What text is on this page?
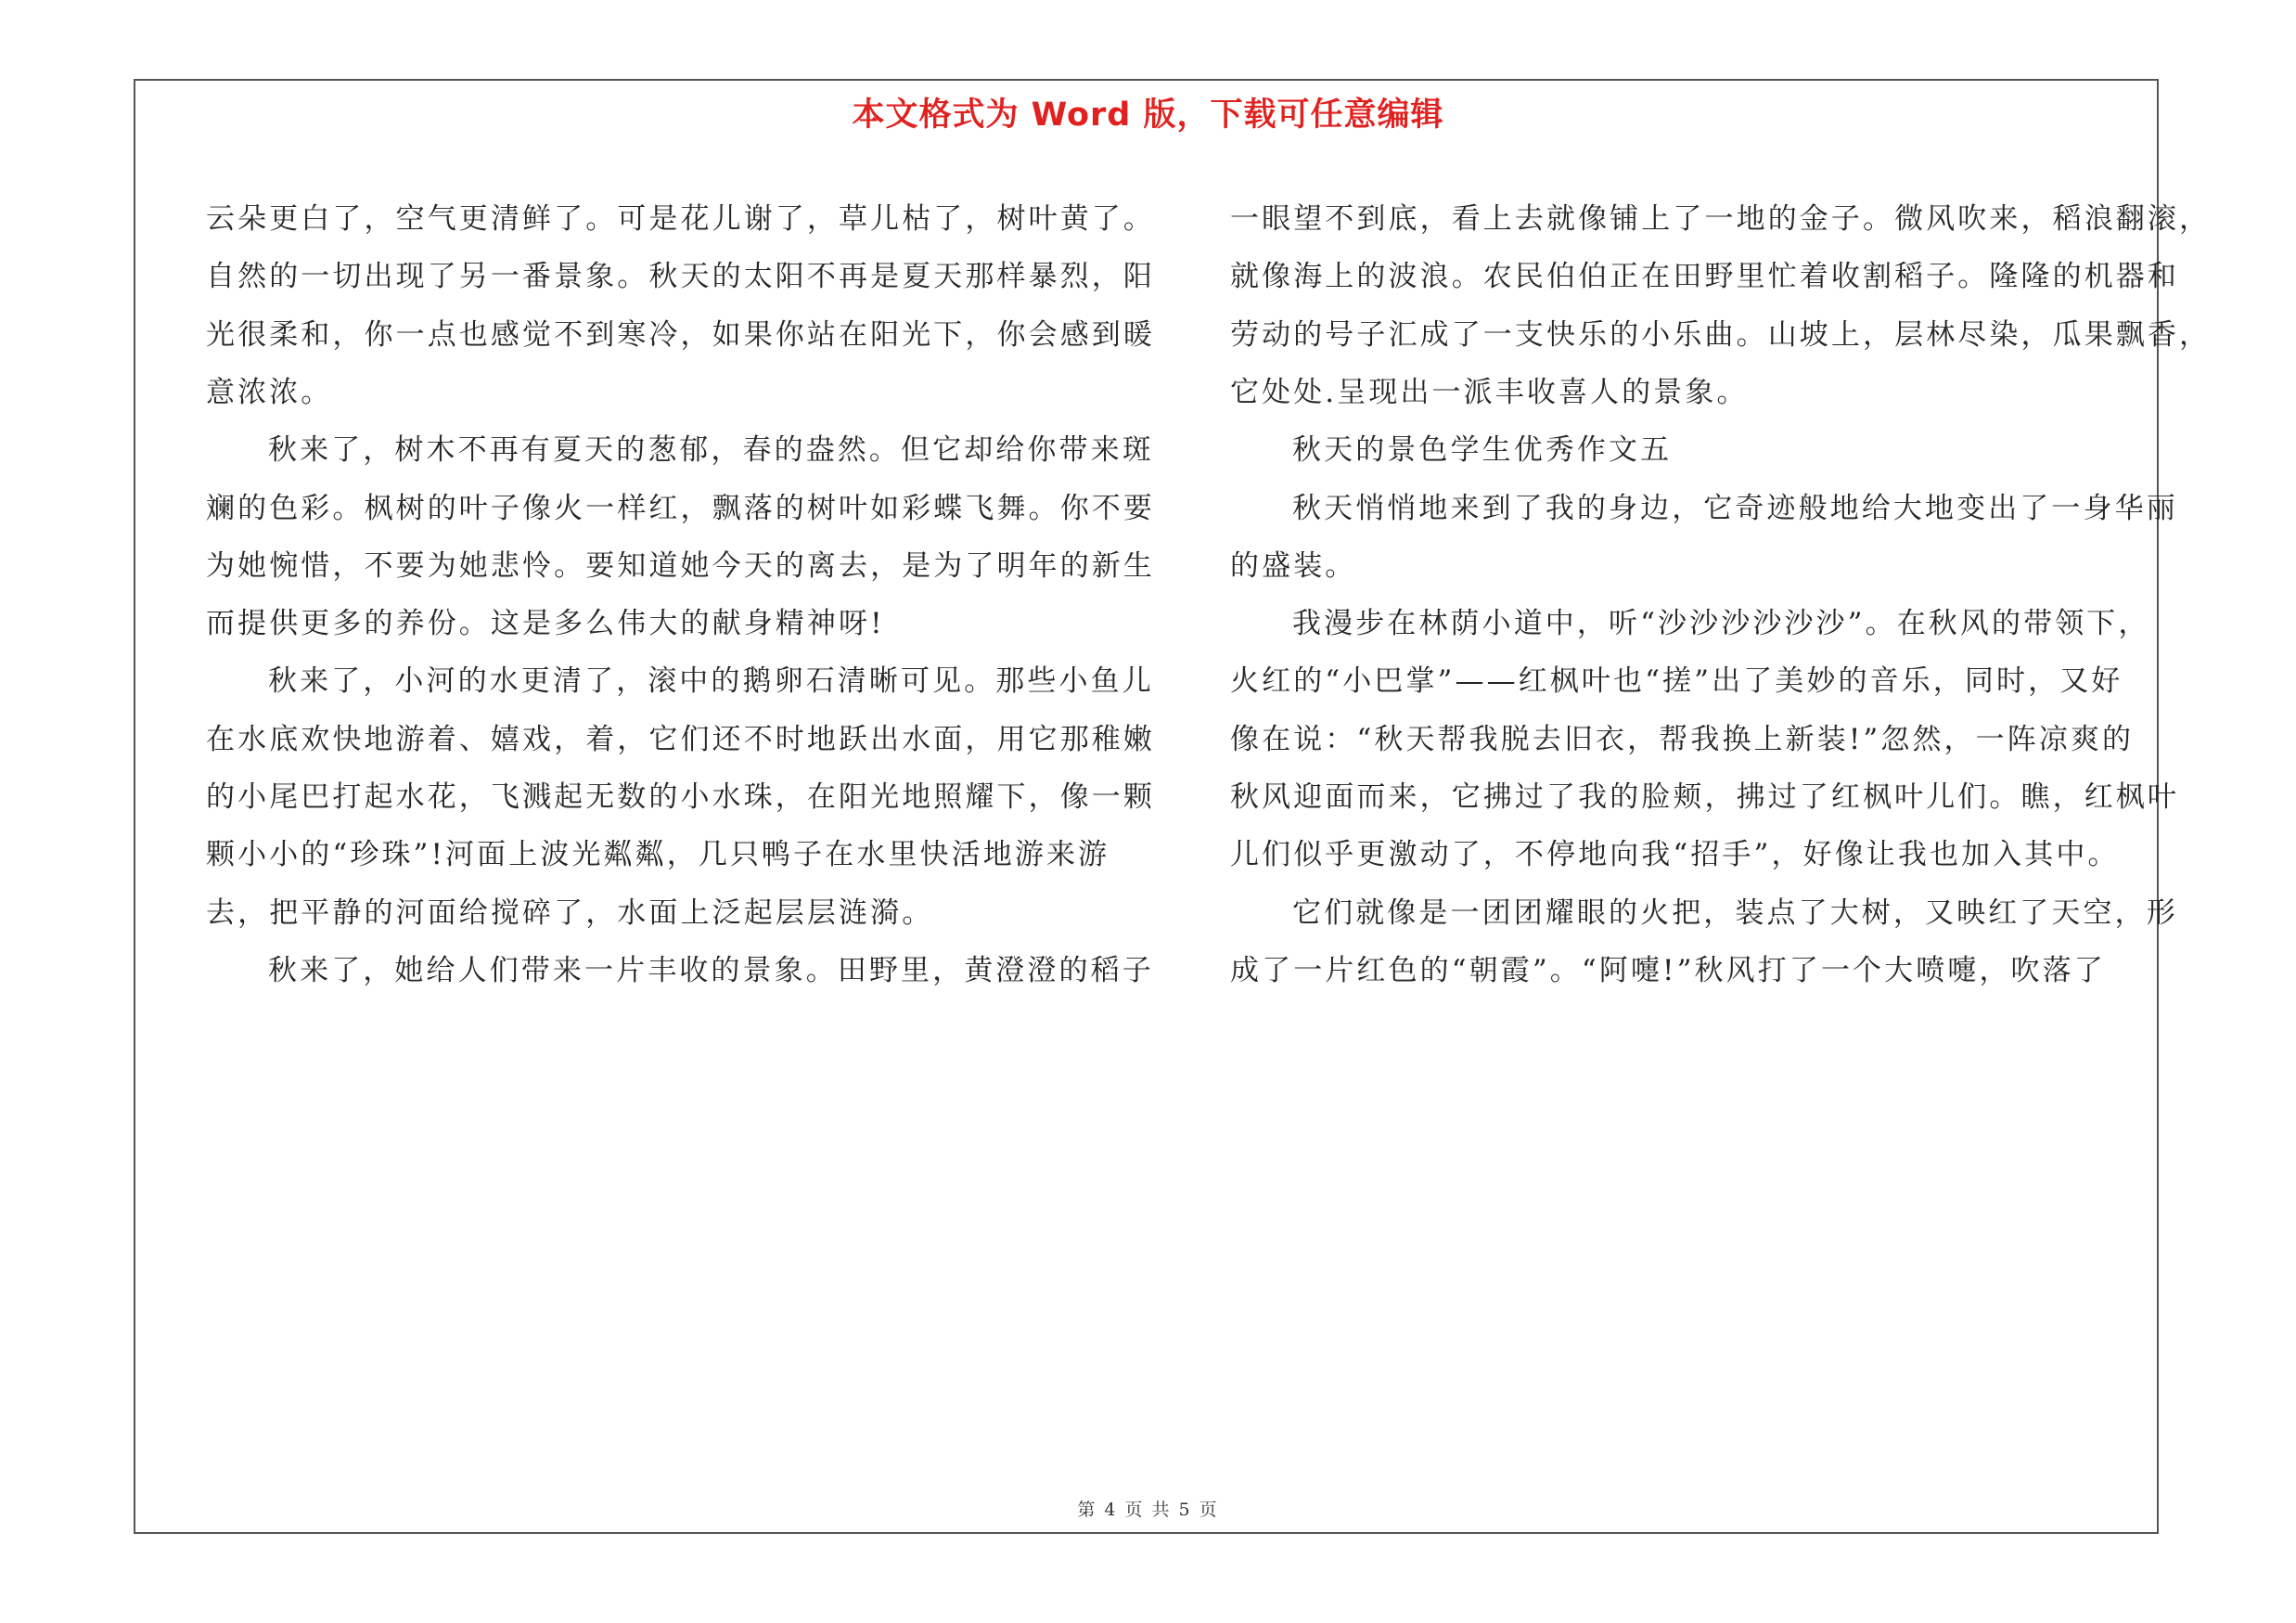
本文格式为 Word 版，下载可任意编辑
云朵更白了，空气更清鲜了。可是花儿谢了，草儿枯了，树叶黄了。
自然的一切出现了另一番景象。秋天的太阳不再是夏天那样暴烈，阳
光很柔和，你一点也感觉不到寒冷，如果你站在阳光下，你会感到暖
意浓浓。
秋来了，树木不再有夏天的葱郁，春的盎然。但它却给你带来斑
斓的色彩。枫树的叶子像火一样红，飘落的树叶如彩蝶飞舞。你不要
为她惋惜，不要为她悲怜。要知道她今天的离去，是为了明年的新生
而提供更多的养份。这是多么伟大的献身精神呀!
秋来了，小河的水更清了，滚中的鹅卵石清晰可见。那些小鱼儿
在水底欢快地游着、嬉戏，着，它们还不时地跃出水面，用它那稚嫩
的小尾巴打起水花，飞溅起无数的小水珠，在阳光地照耀下，像一颗
颗小小的“珍珠”!河面上波光粼粼，几只鸭子在水里快活地游来游
去，把平静的河面给搅碎了，水面上泛起层层涟漪。
秋来了，她给人们带来一片丰收的景象。田野里，黄澄澄的稻子
一眼望不到底，看上去就像铺上了一地的金子。微风吹来，稻浪翻滚，
就像海上的波浪。农民伯伯正在田野里忙着收割稻子。隆隆的机器和
劳动的号子汇成了一支快乐的小乐曲。山坡上，层林尽染，瓜果飘香，
它处处.呈现出一派丰收喜人的景象。
秋天的景色学生优秀作文五
秋天悄悄地来到了我的身边，它奇迹般地给大地变出了一身华丽
的盛装。
我漫步在林荫小道中，听“沙沙沙沙沙沙”。在秋风的带领下，
火红的“小巴掌”——红枫叶也“搓”出了美妙的音乐，同时，又好
像在说：“秋天帮我脱去旧衣，帮我换上新装!”忽然，一阵凉爽的
秋风迎面而来，它拂过了我的脸颊，拂过了红枫叶儿们。瞧，红枫叶
儿们似乎更激动了，不停地向我“招手”，好像让我也加入其中。
它们就像是一团团耀眼的火把，装点了大树，又映红了天空，形
成了一片红色的“朝霞”。“阿嚏!”秋风打了一个大喷嚏，吹落了
第 4 页 共 5 页
